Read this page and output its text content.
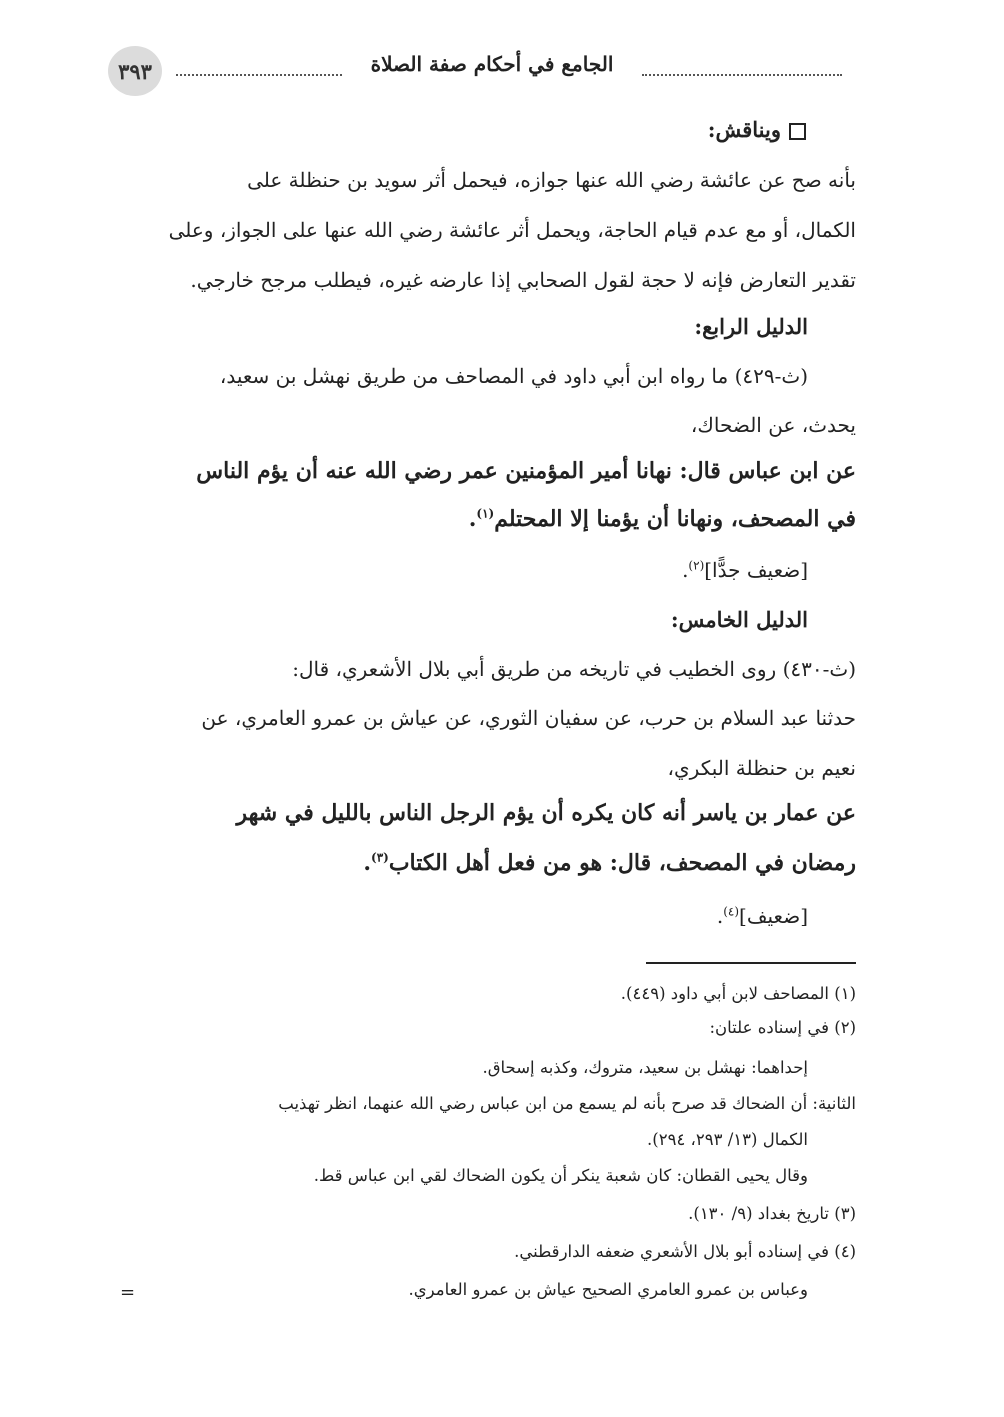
٣٩٣	الجامع في أحكام صفة الصلاة
ويناقش:
بأنه صح عن عائشة رضي الله عنها جوازه، فيحمل أثر سويد بن حنظلة على
الكمال، أو مع عدم قيام الحاجة، ويحمل أثر عائشة رضي الله عنها على الجواز، وعلى
تقدير التعارض فإنه لا حجة لقول الصحابي إذا عارضه غيره، فيطلب مرجح خارجي.
الدليل الرابع:
(ث-٤٢٩) ما رواه ابن أبي داود في المصاحف من طريق نهشل بن سعيد،
يحدث، عن الضحاك،
عن ابن عباس قال: نهانا أمير المؤمنين عمر رضي الله عنه أن يؤم الناس
في المصحف، ونهانا أن يؤمنا إلا المحتلم$^{(١)}$.
[ضعيف جدًّا]$^{(٢)}$.
الدليل الخامس:
(ث-٤٣٠) روى الخطيب في تاريخه من طريق أبي بلال الأشعري، قال:
حدثنا عبد السلام بن حرب، عن سفيان الثوري، عن عياش بن عمرو العامري، عن
نعيم بن حنظلة البكري،
عن عمار بن ياسر أنه كان يكره أن يؤم الرجل الناس بالليل في شهر
رمضان في المصحف، قال: هو من فعل أهل الكتاب$^{(٣)}$.
[ضعيف]$^{(٤)}$.
(١) المصاحف لابن أبي داود (٤٤٩).
(٢) في إسناده علتان:
إحداهما: نهشل بن سعيد، متروك، وكذبه إسحاق.
الثانية: أن الضحاك قد صرح بأنه لم يسمع من ابن عباس رضي الله عنهما، انظر تهذيب
الكمال (١٣/ ٢٩٣، ٢٩٤).
وقال يحيى القطان: كان شعبة ينكر أن يكون الضحاك لقي ابن عباس قط.
(٣) تاريخ بغداد (٩/ ١٣٠).
(٤) في إسناده أبو بلال الأشعري ضعفه الدارقطني.
وعباس بن عمرو العامري الصحيح عياش بن عمرو العامري.
=
